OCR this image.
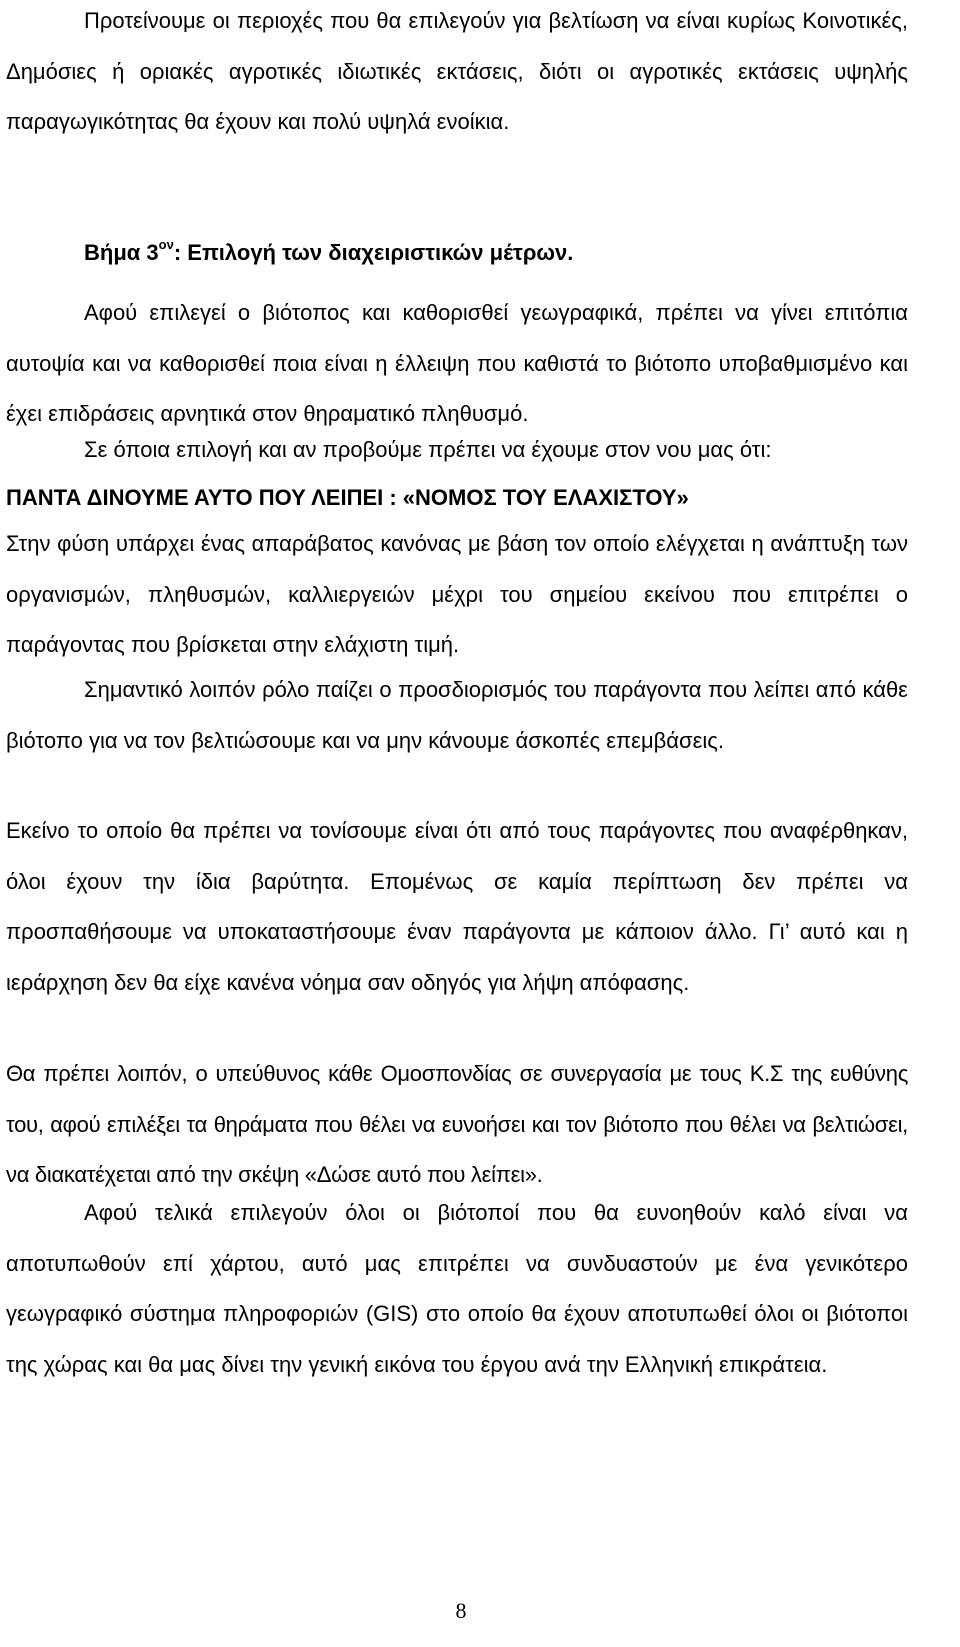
Προτείνουμε οι περιοχές που θα επιλεγούν για βελτίωση να είναι κυρίως Κοινοτικές, Δημόσιες ή οριακές αγροτικές ιδιωτικές εκτάσεις, διότι οι αγροτικές εκτάσεις υψηλής παραγωγικότητας θα έχουν και πολύ υψηλά ενοίκια.

Βήμα $3^{o\nu}$: Επιλογή των διαχειριστικών μέτρων.

Αφού επιλεγεί ο βιότοπος και καθορισθεί γεωγραφικά, πρέπει να γίνει επιτόπια αυτοψία και να καθορισθεί ποια είναι η έλλειψη που καθιστά το βιότοπο υποβαθμισμένο και έχει επιδράσεις αρνητικά στον θηραματικό πληθυσμό.

Σε όποια επιλογή και αν προβούμε πρέπει να έχουμε στον νου μας ότι:

ΠΑΝΤΑ ΔΙΝΟΥΜΕ ΑΥΤΟ ΠΟΥ ΛΕΙΠΕΙ : «ΝΟΜΟΣ ΤΟΥ ΕΛΑΧΙΣΤΟΥ»

Στην φύση υπάρχει ένας απαράβατος κανόνας με βάση τον οποίο ελέγχεται η ανάπτυξη των οργανισμών, πληθυσμών, καλλιεργειών μέχρι του σημείου εκείνου που επιτρέπει ο παράγοντας που βρίσκεται στην ελάχιστη τιμή.

Σημαντικό λοιπόν ρόλο παίζει ο προσδιορισμός του παράγοντα που λείπει από κάθε βιότοπο για να τον βελτιώσουμε και να μην κάνουμε άσκοπές επεμβάσεις.

Εκείνο το οποίο θα πρέπει να τονίσουμε είναι ότι από τους παράγοντες που αναφέρθηκαν, όλοι έχουν την ίδια βαρύτητα. Επομένως σε καμία περίπτωση δεν πρέπει να προσπαθήσουμε να υποκαταστήσουμε έναν παράγοντα με κάποιον άλλο. Γι’ αυτό και η ιεράρχηση δεν θα είχε κανένα νόημα σαν οδηγός για λήψη απόφασης.

Θα πρέπει λοιπόν, ο υπεύθυνος κάθε Ομοσπονδίας σε συνεργασία με τους Κ.Σ της ευθύνης του, αφού επιλέξει τα θηράματα που θέλει να ευνοήσει και τον βιότοπο που θέλει να βελτιώσει, να διακατέχεται από την σκέψη «Δώσε αυτό που λείπει».

Αφού τελικά επιλεγούν όλοι οι βιότοποί που θα ευνοηθούν καλό είναι να αποτυπωθούν επί χάρτου, αυτό μας επιτρέπει να συνδυαστούν με ένα γενικότερο γεωγραφικό σύστημα πληροφοριών (GIS) στο οποίο θα έχουν αποτυπωθεί όλοι οι βιότοποι της χώρας και θα μας δίνει την γενική εικόνα του έργου ανά την Ελληνική επικράτεια.

8
